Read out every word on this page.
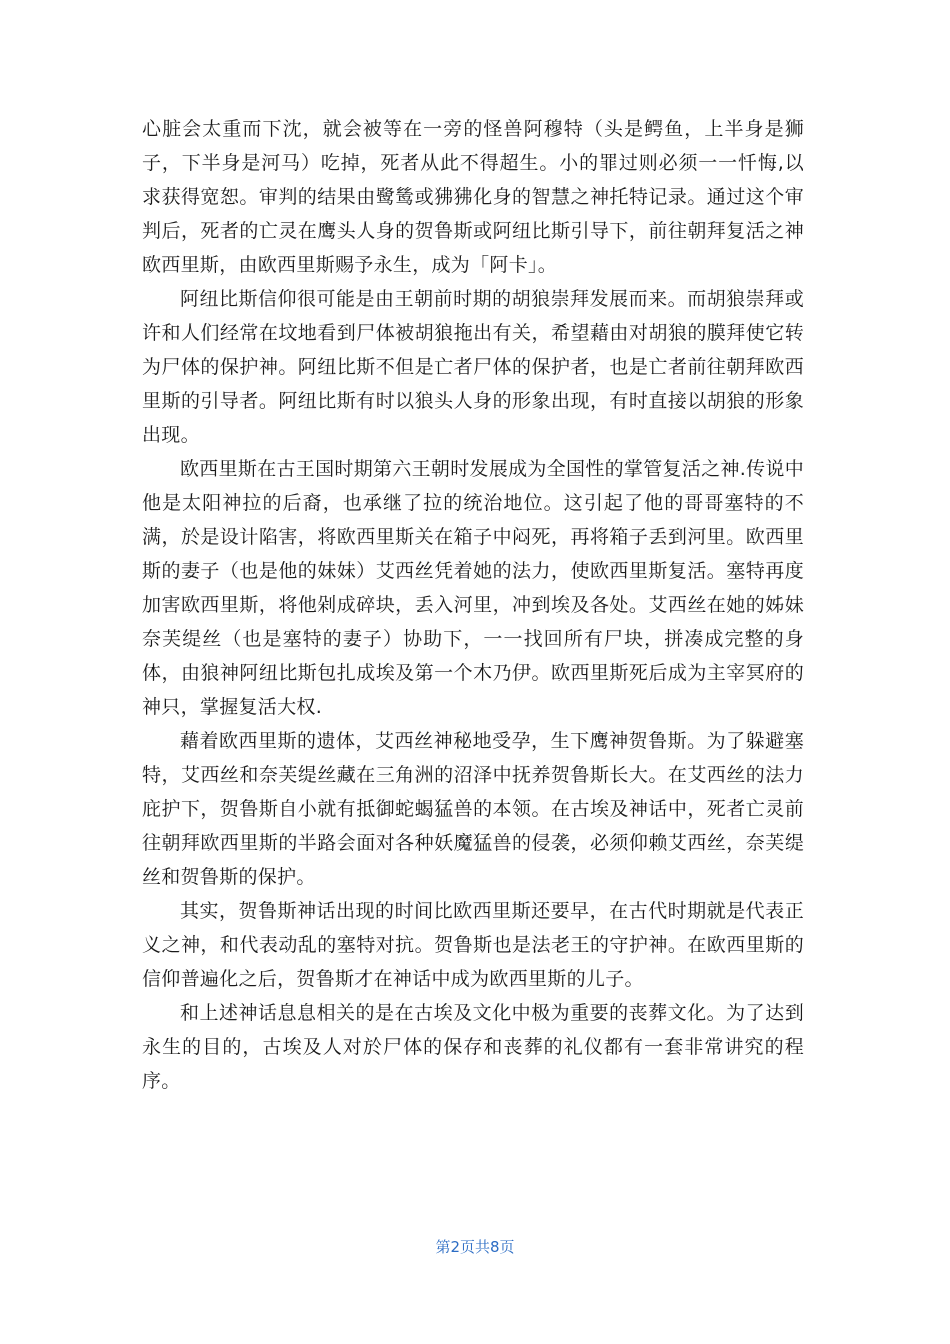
心脏会太重而下沈，就会被等在一旁的怪兽阿穆特（头是鳄鱼，上半身是狮子，下半身是河马）吃掉，死者从此不得超生。小的罪过则必须一一忏悔,以求获得宽恕。审判的结果由鹭鸶或狒狒化身的智慧之神托特记录。通过这个审判后，死者的亡灵在鹰头人身的贺鲁斯或阿纽比斯引导下，前往朝拜复活之神欧西里斯，由欧西里斯赐予永生，成为「阿卡」。

阿纽比斯信仰很可能是由王朝前时期的胡狼崇拜发展而来。而胡狼崇拜或许和人们经常在坟地看到尸体被胡狼拖出有关，希望藉由对胡狼的膜拜使它转为尸体的保护神。阿纽比斯不但是亡者尸体的保护者，也是亡者前往朝拜欧西里斯的引导者。阿纽比斯有时以狼头人身的形象出现，有时直接以胡狼的形象出现。

欧西里斯在古王国时期第六王朝时发展成为全国性的掌管复活之神.传说中他是太阳神拉的后裔，也承继了拉的统治地位。这引起了他的哥哥塞特的不满，於是设计陷害，将欧西里斯关在箱子中闷死，再将箱子丢到河里。欧西里斯的妻子（也是他的妹妹）艾西丝凭着她的法力，使欧西里斯复活。塞特再度加害欧西里斯，将他剁成碎块，丢入河里，冲到埃及各处。艾西丝在她的姊妹奈芙缇丝（也是塞特的妻子）协助下，一一找回所有尸块，拼凑成完整的身体，由狼神阿纽比斯包扎成埃及第一个木乃伊。欧西里斯死后成为主宰冥府的神只，掌握复活大权.

藉着欧西里斯的遗体，艾西丝神秘地受孕，生下鹰神贺鲁斯。为了躲避塞特，艾西丝和奈芙缇丝藏在三角洲的沼泽中抚养贺鲁斯长大。在艾西丝的法力庇护下，贺鲁斯自小就有抵御蛇蝎猛兽的本领。在古埃及神话中，死者亡灵前往朝拜欧西里斯的半路会面对各种妖魔猛兽的侵袭，必须仰赖艾西丝，奈芙缇丝和贺鲁斯的保护。

其实，贺鲁斯神话出现的时间比欧西里斯还要早，在古代时期就是代表正义之神，和代表动乱的塞特对抗。贺鲁斯也是法老王的守护神。在欧西里斯的信仰普遍化之后，贺鲁斯才在神话中成为欧西里斯的儿子。

和上述神话息息相关的是在古埃及文化中极为重要的丧葬文化。为了达到永生的目的，古埃及人对於尸体的保存和丧葬的礼仪都有一套非常讲究的程序。

第2页共8页
